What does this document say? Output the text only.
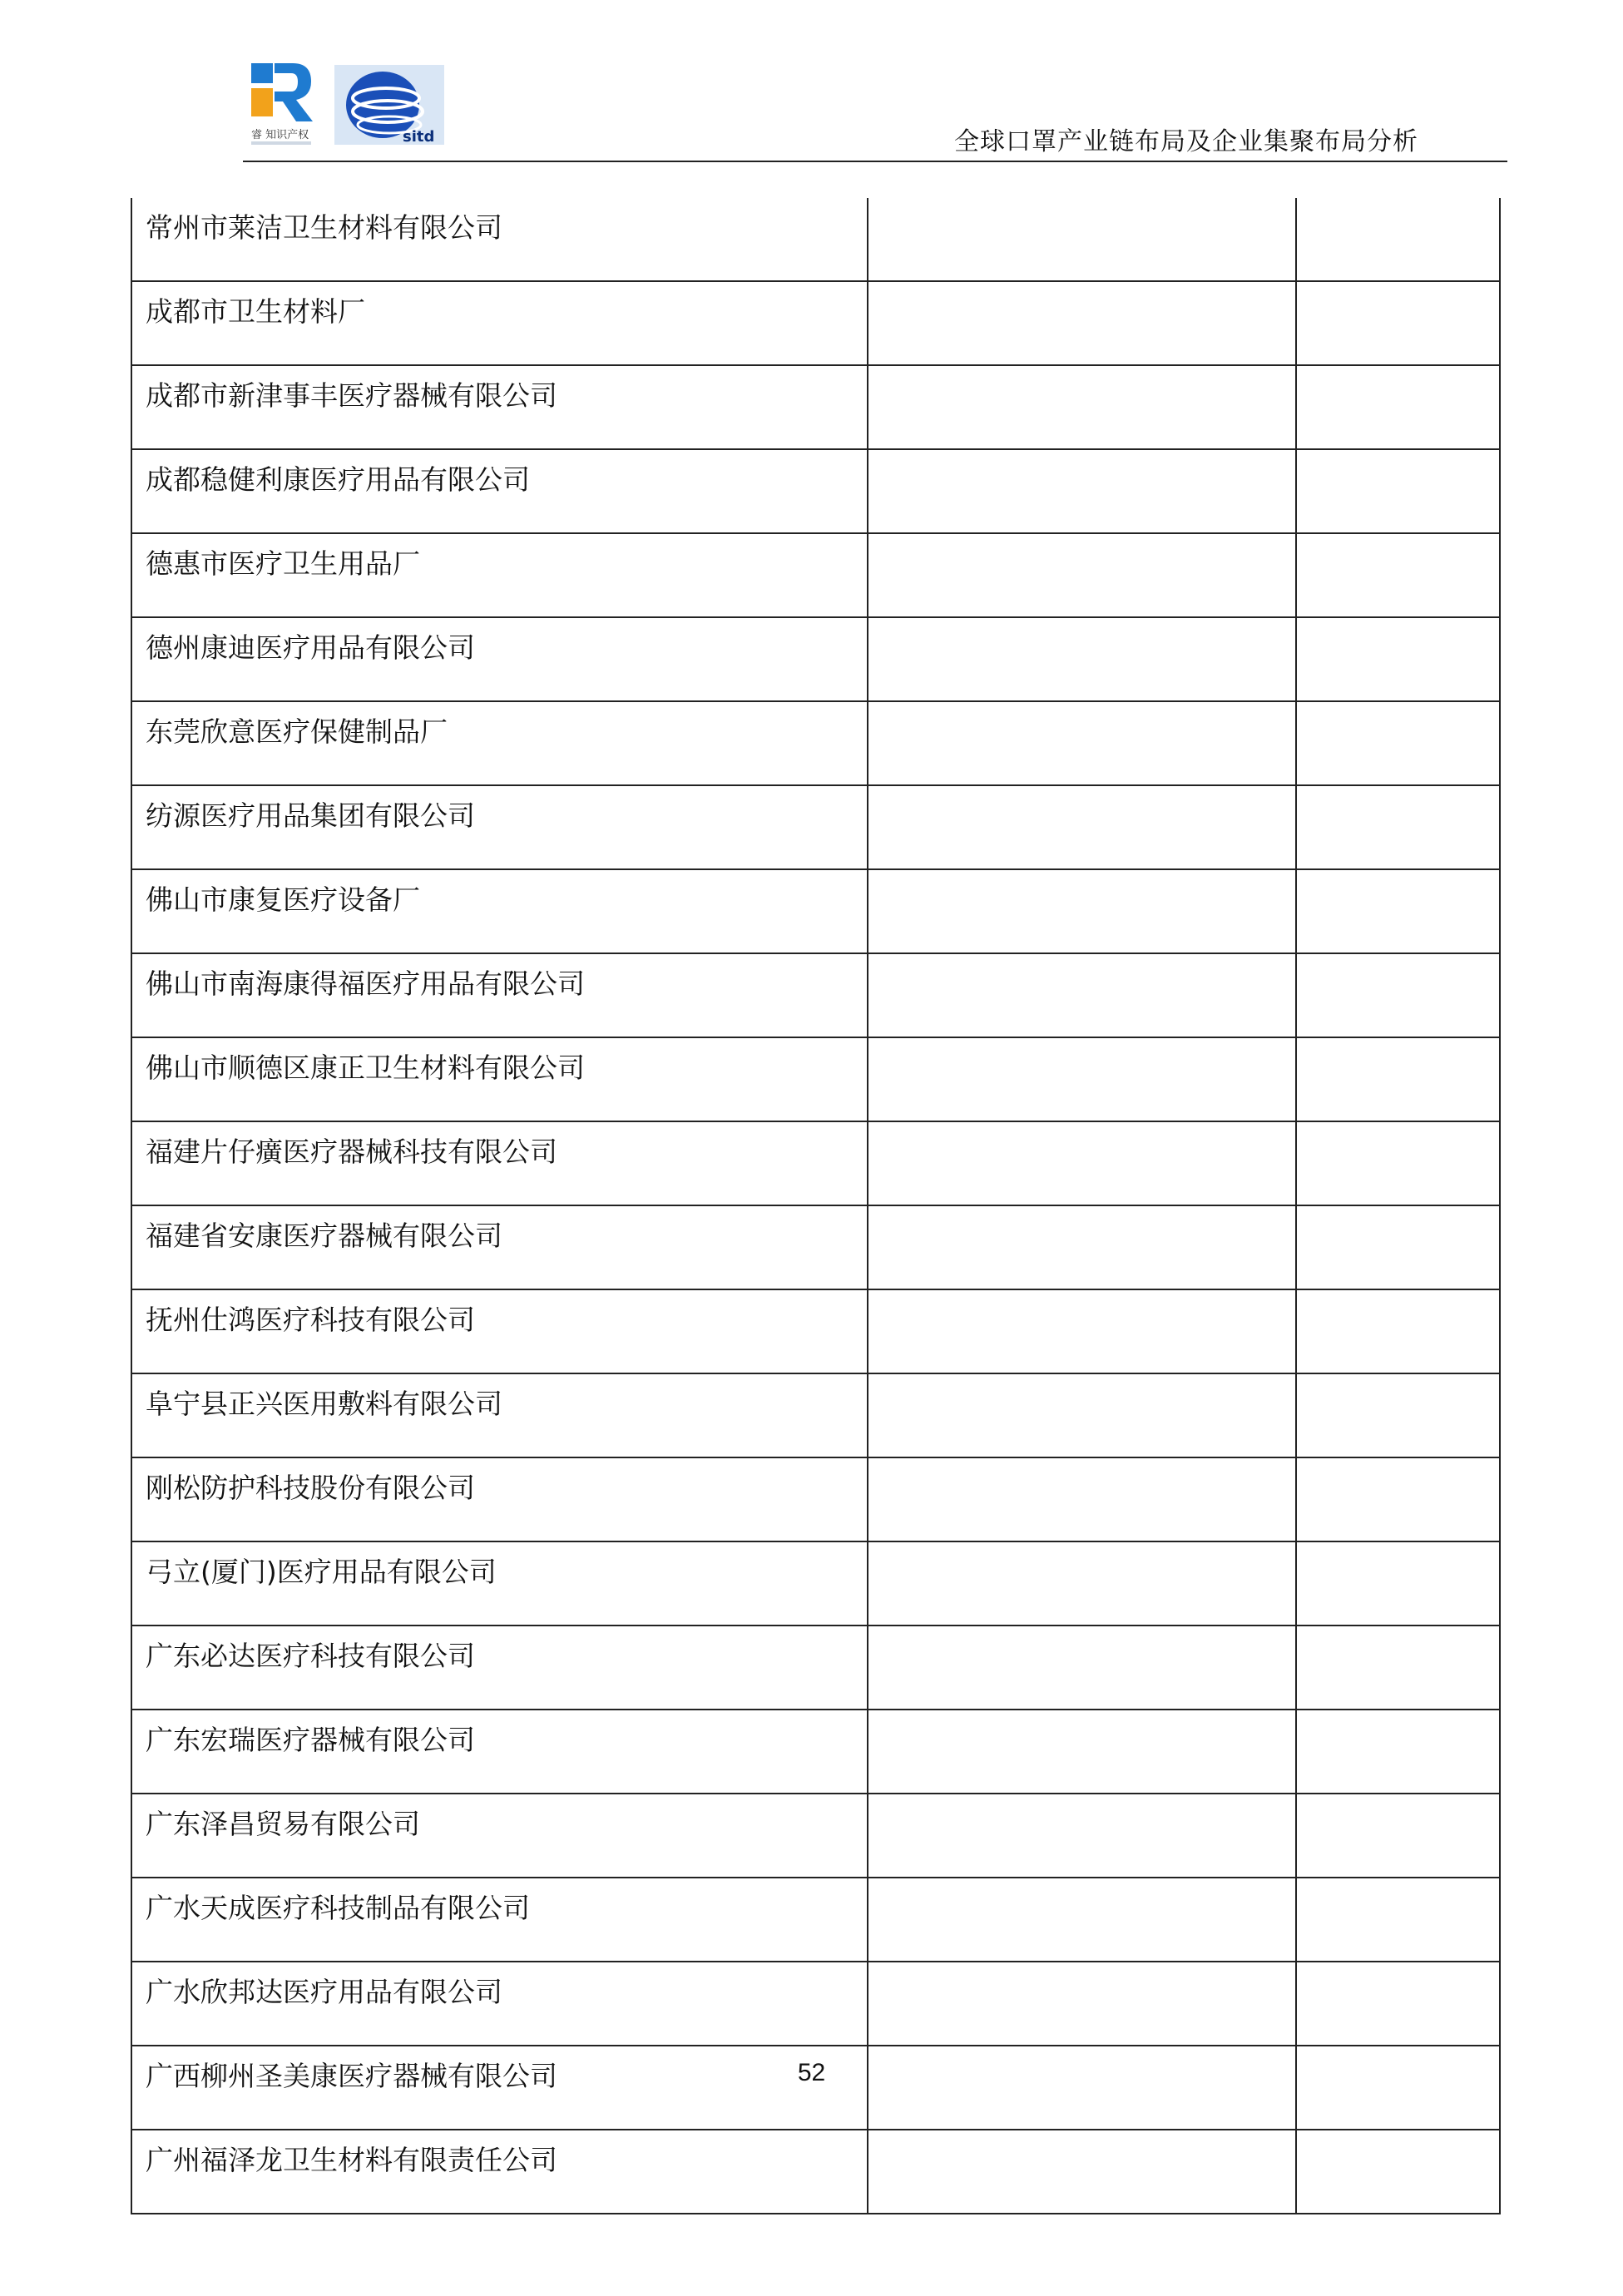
睿 知识产权	sitd	全球口罩产业链布局及企业集聚布局分析
常州市莱洁卫生材料有限公司		
成都市卫生材料厂		
成都市新津事丰医疗器械有限公司		
成都稳健利康医疗用品有限公司		
德惠市医疗卫生用品厂		
德州康迪医疗用品有限公司		
东莞欣意医疗保健制品厂		
纺源医疗用品集团有限公司		
佛山市康复医疗设备厂		
佛山市南海康得福医疗用品有限公司		
佛山市顺德区康正卫生材料有限公司		
福建片仔癀医疗器械科技有限公司		
福建省安康医疗器械有限公司		
抚州仕鸿医疗科技有限公司		
阜宁县正兴医用敷料有限公司		
刚松防护科技股份有限公司		
弓立(厦门)医疗用品有限公司		
广东必达医疗科技有限公司		
广东宏瑞医疗器械有限公司		
广东泽昌贸易有限公司		
广水天成医疗科技制品有限公司		
广水欣邦达医疗用品有限公司		
广西柳州圣美康医疗器械有限公司		
广州福泽龙卫生材料有限责任公司		
52
